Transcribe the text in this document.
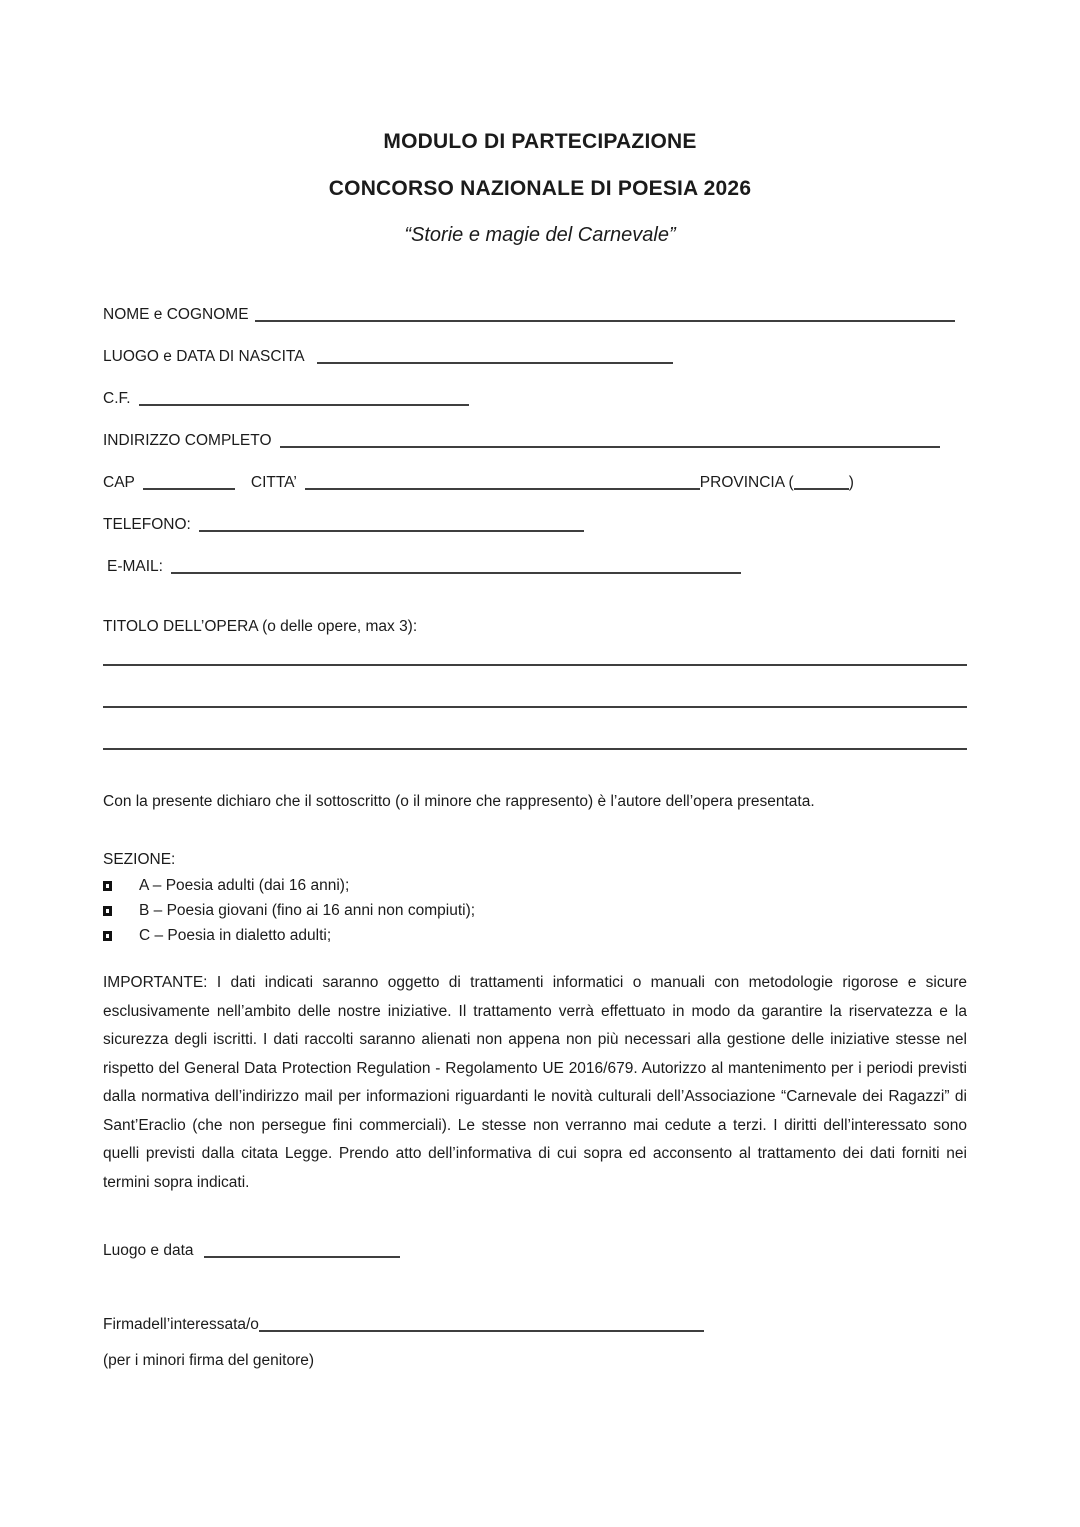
MODULO DI PARTECIPAZIONE
CONCORSO NAZIONALE DI POESIA 2026
“Storie e magie del Carnevale”
NOME e COGNOME
LUOGO e DATA DI NASCITA
C.F.
INDIRIZZO COMPLETO
CAP	CITTA’	PROVINCIA (	)
TELEFONO:
E-MAIL:
TITOLO DELL’OPERA (o delle opere, max 3):
Con la presente dichiaro che il sottoscritto (o il minore che rappresento) è l’autore dell’opera presentata.
SEZIONE:
A – Poesia adulti (dai 16 anni);
B – Poesia giovani (fino ai 16 anni non compiuti);
C – Poesia in dialetto adulti;
IMPORTANTE: I dati indicati saranno oggetto di trattamenti informatici o manuali con metodologie rigorose e sicure esclusivamente nell’ambito delle nostre iniziative. Il trattamento verrà effettuato in modo da garantire la riservatezza e la sicurezza degli iscritti. I dati raccolti saranno alienati non appena non più necessari alla gestione delle iniziative stesse nel rispetto del General Data Protection Regulation - Regolamento UE 2016/679. Autorizzo al mantenimento per i periodi previsti dalla normativa dell’indirizzo mail per informazioni riguardanti le novità culturali dell’Associazione “Carnevale dei Ragazzi” di Sant’Eraclio (che non persegue fini commerciali). Le stesse non verranno mai cedute a terzi. I diritti dell’interessato sono quelli previsti dalla citata Legge. Prendo atto dell’informativa di cui sopra ed acconsento al trattamento dei dati forniti nei termini sopra indicati.
Luogo e data
Firmadell’interessata/o
(per i minori firma del genitore)
